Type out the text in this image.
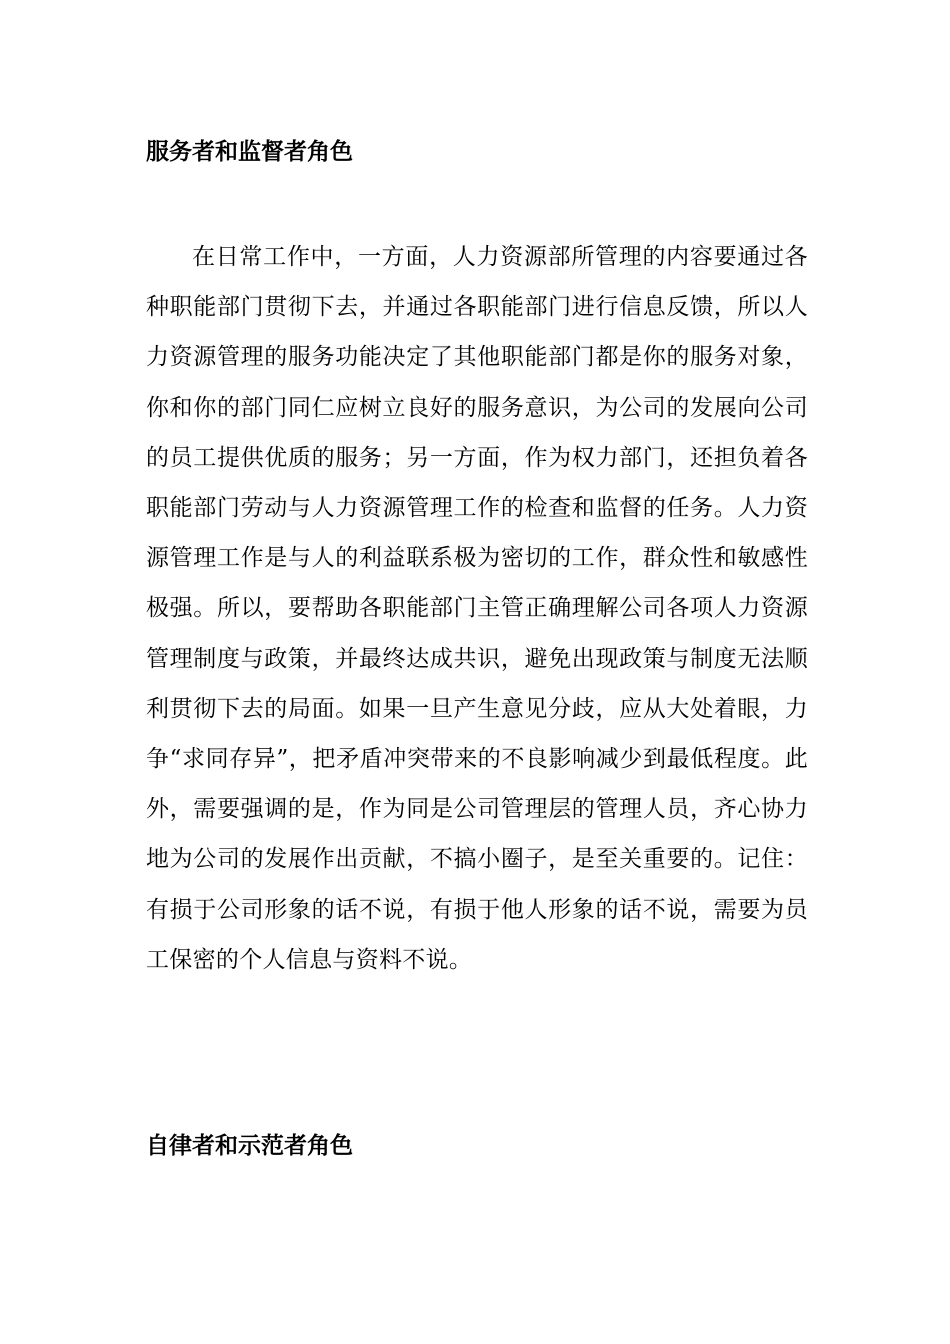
服务者和监督者角色

在日常工作中，一方面，人力资源部所管理的内容要通过各种职能部门贯彻下去，并通过各职能部门进行信息反馈，所以人力资源管理的服务功能决定了其他职能部门都是你的服务对象，你和你的部门同仁应树立良好的服务意识，为公司的发展向公司的员工提供优质的服务；另一方面，作为权力部门，还担负着各职能部门劳动与人力资源管理工作的检查和监督的任务。人力资源管理工作是与人的利益联系极为密切的工作，群众性和敏感性极强。所以，要帮助各职能部门主管正确理解公司各项人力资源管理制度与政策，并最终达成共识，避免出现政策与制度无法顺利贯彻下去的局面。如果一旦产生意见分歧，应从大处着眼，力争“求同存异”，把矛盾冲突带来的不良影响减少到最低程度。此外，需要强调的是，作为同是公司管理层的管理人员，齐心协力地为公司的发展作出贡献，不搞小圈子，是至关重要的。记住：有损于公司形象的话不说，有损于他人形象的话不说，需要为员工保密的个人信息与资料不说。

自律者和示范者角色
